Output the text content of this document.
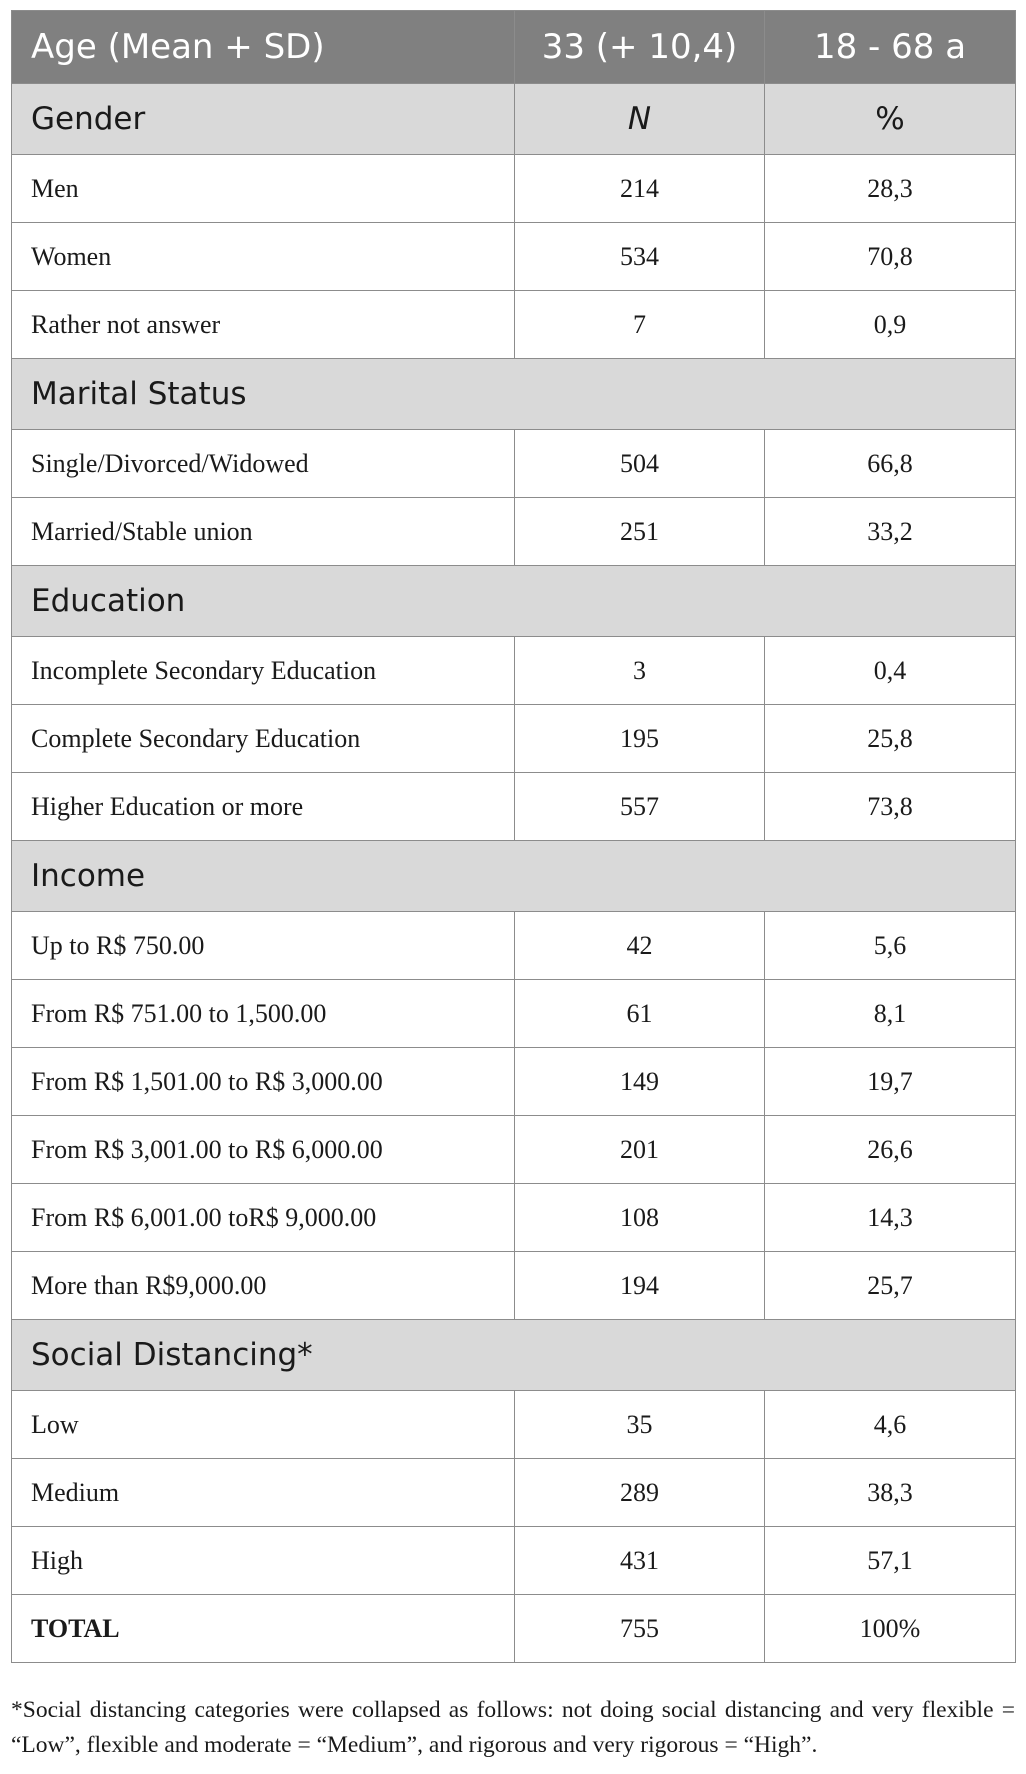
Age (Mean + SD)	33 (+ 10,4)	18 - 68 a
Gender	N	%
Men	214	28,3
Women	534	70,8
Rather not answer	7	0,9
Marital Status		
Single/Divorced/Widowed	504	66,8
Married/Stable union	251	33,2
Education		
Incomplete Secondary Education	3	0,4
Complete Secondary Education	195	25,8
Higher Education or more	557	73,8
Income		
Up to R$ 750.00	42	5,6
From R$ 751.00 to 1,500.00	61	8,1
From R$ 1,501.00 to R$ 3,000.00	149	19,7
From R$ 3,001.00 to R$ 6,000.00	201	26,6
From R$ 6,001.00 toR$ 9,000.00	108	14,3
More than R$9,000.00	194	25,7
Social Distancing*		
Low	35	4,6
Medium	289	38,3
High	431	57,1
TOTAL	755	100%
*Social distancing categories were collapsed as follows: not doing social distancing and very flexible = “Low”, flexible and moderate = “Medium”, and rigorous and very rigorous = “High”.
